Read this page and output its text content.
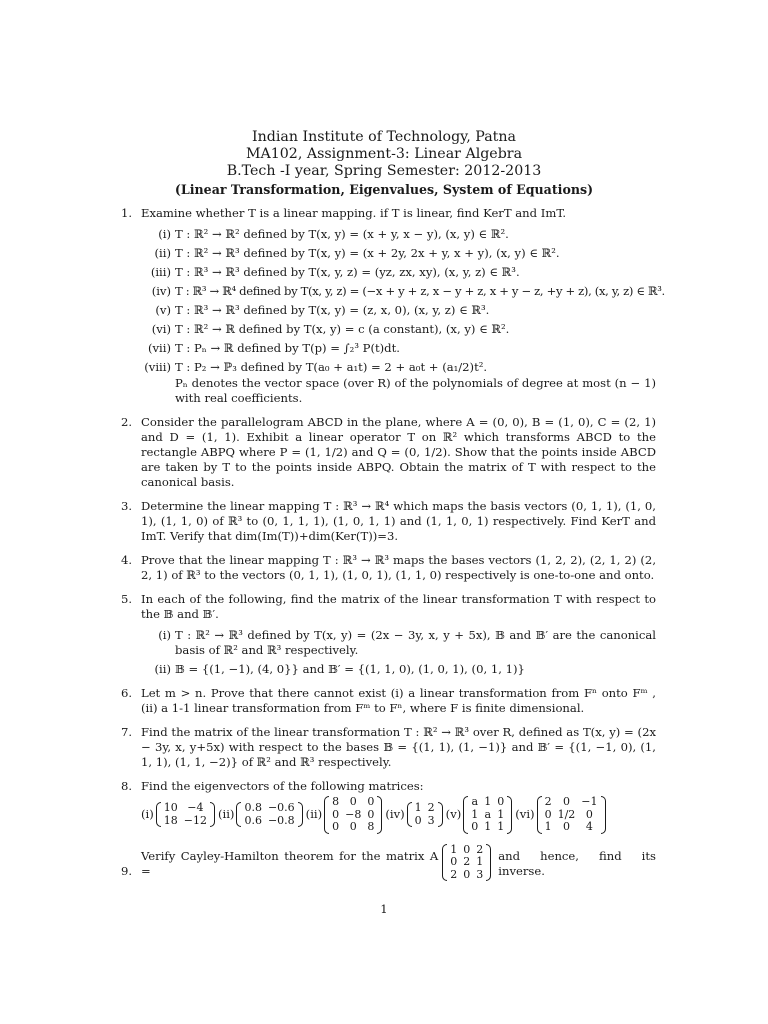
Indian Institute of Technology, Patna
MA102, Assignment-3: Linear Algebra
B.Tech -I year, Spring Semester: 2012-2013
(Linear Transformation, Eigenvalues, System of Equations)
1. Examine whether T is a linear mapping. if T is linear, find KerT and ImT.

(i) T : ℝ² → ℝ² defined by T(x, y) = (x + y, x − y), (x, y) ∈ ℝ².
(ii) T : ℝ² → ℝ³ defined by T(x, y) = (x + 2y, 2x + y, x + y), (x, y) ∈ ℝ².
(iii) T : ℝ³ → ℝ³ defined by T(x, y, z) = (yz, zx, xy), (x, y, z) ∈ ℝ³.
(iv) T : ℝ³ → ℝ⁴ defined by T(x, y, z) = (−x + y + z, x − y + z, x + y − z, +y + z), (x, y, z) ∈ ℝ³.
(v) T : ℝ³ → ℝ³ defined by T(x, y) = (z, x, 0), (x, y, z) ∈ ℝ³.
(vi) T : ℝ² → ℝ defined by T(x, y) = c (a constant), (x, y) ∈ ℝ².
(vii) T : Pₙ → ℝ defined by T(p) = ∫₂³ P(t)dt.
(viii) T : P₂ → ℙ₃ defined by T(a₀ + a₁t) = 2 + a₀t + (a₁/2)t².
Pₙ denotes the vector space (over R) of the polynomials of degree at most (n − 1) with real coefficients.
2. Consider the parallelogram ABCD in the plane, where A = (0, 0), B = (1, 0), C = (2, 1) and D = (1, 1). Exhibit a linear operator T on ℝ² which transforms ABCD to the rectangle ABPQ where P = (1, 1/2) and Q = (0, 1/2). Show that the points inside ABCD are taken by T to the points inside ABPQ. Obtain the matrix of T with respect to the canonical basis.

3. Determine the linear mapping T : ℝ³ → ℝ⁴ which maps the basis vectors (0, 1, 1), (1, 0, 1), (1, 1, 0) of ℝ³ to (0, 1, 1, 1), (1, 0, 1, 1) and (1, 1, 0, 1) respectively. Find KerT and ImT. Verify that dim(Im(T))+dim(Ker(T))=3.

4. Prove that the linear mapping T : ℝ³ → ℝ³ maps the bases vectors (1, 2, 2), (2, 1, 2) (2, 2, 1) of ℝ³ to the vectors (0, 1, 1), (1, 0, 1), (1, 1, 0) respectively is one-to-one and onto.

5. In each of the following, find the matrix of the linear transformation T with respect to the 𝔹 and 𝔹′.

(i) T : ℝ² → ℝ³ defined by T(x, y) = (2x − 3y, x, y + 5x), 𝔹 and 𝔹′ are the canonical basis of ℝ² and ℝ³ respectively.
(ii) 𝔹 = {(1, −1), (4, 0}} and 𝔹′ = {(1, 1, 0), (1, 0, 1), (0, 1, 1)}
6. Let m > n. Prove that there cannot exist (i) a linear transformation from Fⁿ onto Fᵐ , (ii) a 1-1 linear transformation from Fᵐ to Fⁿ, where F is finite dimensional.

7. Find the matrix of the linear transformation T : ℝ² → ℝ³ over R, defined as T(x, y) = (2x − 3y, x, y+5x) with respect to the bases 𝔹 = {(1, 1), (1, −1)} and 𝔹′ = {(1, −1, 0), (1, 1, 1), (1, 1, −2)} of ℝ² and ℝ³ respectively.

8. Find the eigenvectors of the following matrices:

(i) 10	−4
18	−12 (ii) 0.8	−0.6
0.6	−0.8 (ii)
8	0	0
0	−8	0
0	0	8
(iv) 1	2
0	3 (v)
a	1	0
1	a	1
0	1	1
(vi)
2	0	−1
0	1/2	0
1	0	4
9.
Verify Cayley-Hamilton theorem for the matrix A =
1	0	2
0	2	1
2	0	3
and hence, find its inverse.
1
